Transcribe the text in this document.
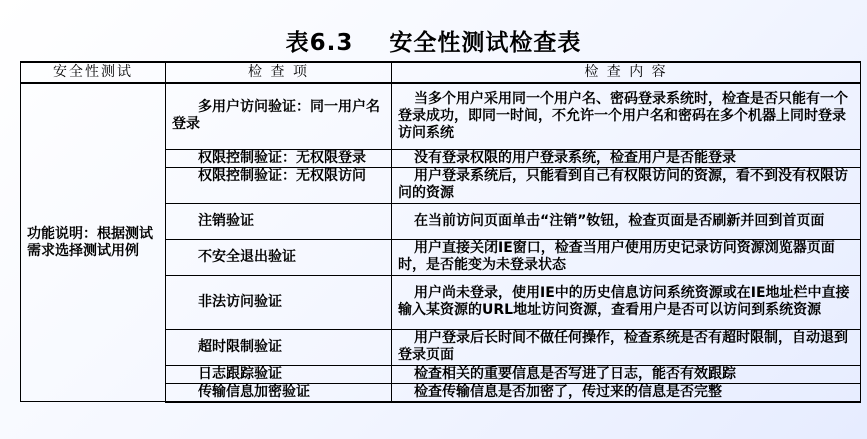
表6.3 安全性测试检查表
安全性测试	检 查 项	检 查 内 容

功能说明：根据测试需求选择测试用例	多用户访问验证：同一用户名登录	当多个用户采用同一个用户名、密码登录系统时，检查是否只能有一个登录成功，即同一时间，不允许一个用户名和密码在多个机器上同时登录访问系统
	权限控制验证：无权限登录	没有登录权限的用户登录系统，检查用户是否能登录
	权限控制验证：无权限访问	用户登录系统后，只能看到自己有权限访问的资源，看不到没有权限访问的资源
	注销验证	在当前访问页面单击“注销”钕钮，检查页面是否刷新并回到首页面
	不安全退出验证	用户直接关闭IE窗口，检查当用户使用历史记录访问资源浏览器页面时，是否能变为未登录状态
	非法访问验证	用户尚未登录，使用IE中的历史信息访问系统资源或在IE地址栏中直接输入某资源的URL地址访问资源，查看用户是否可以访问到系统资源
	超时限制验证	用户登录后长时间不做任何操作，检查系统是否有超时限制，自动退到登录页面
	日志跟踪验证	检查相关的重要信息是否写进了日志，能否有效跟踪
	传输信息加密验证	检查传输信息是否加密了，传过来的信息是否完整
